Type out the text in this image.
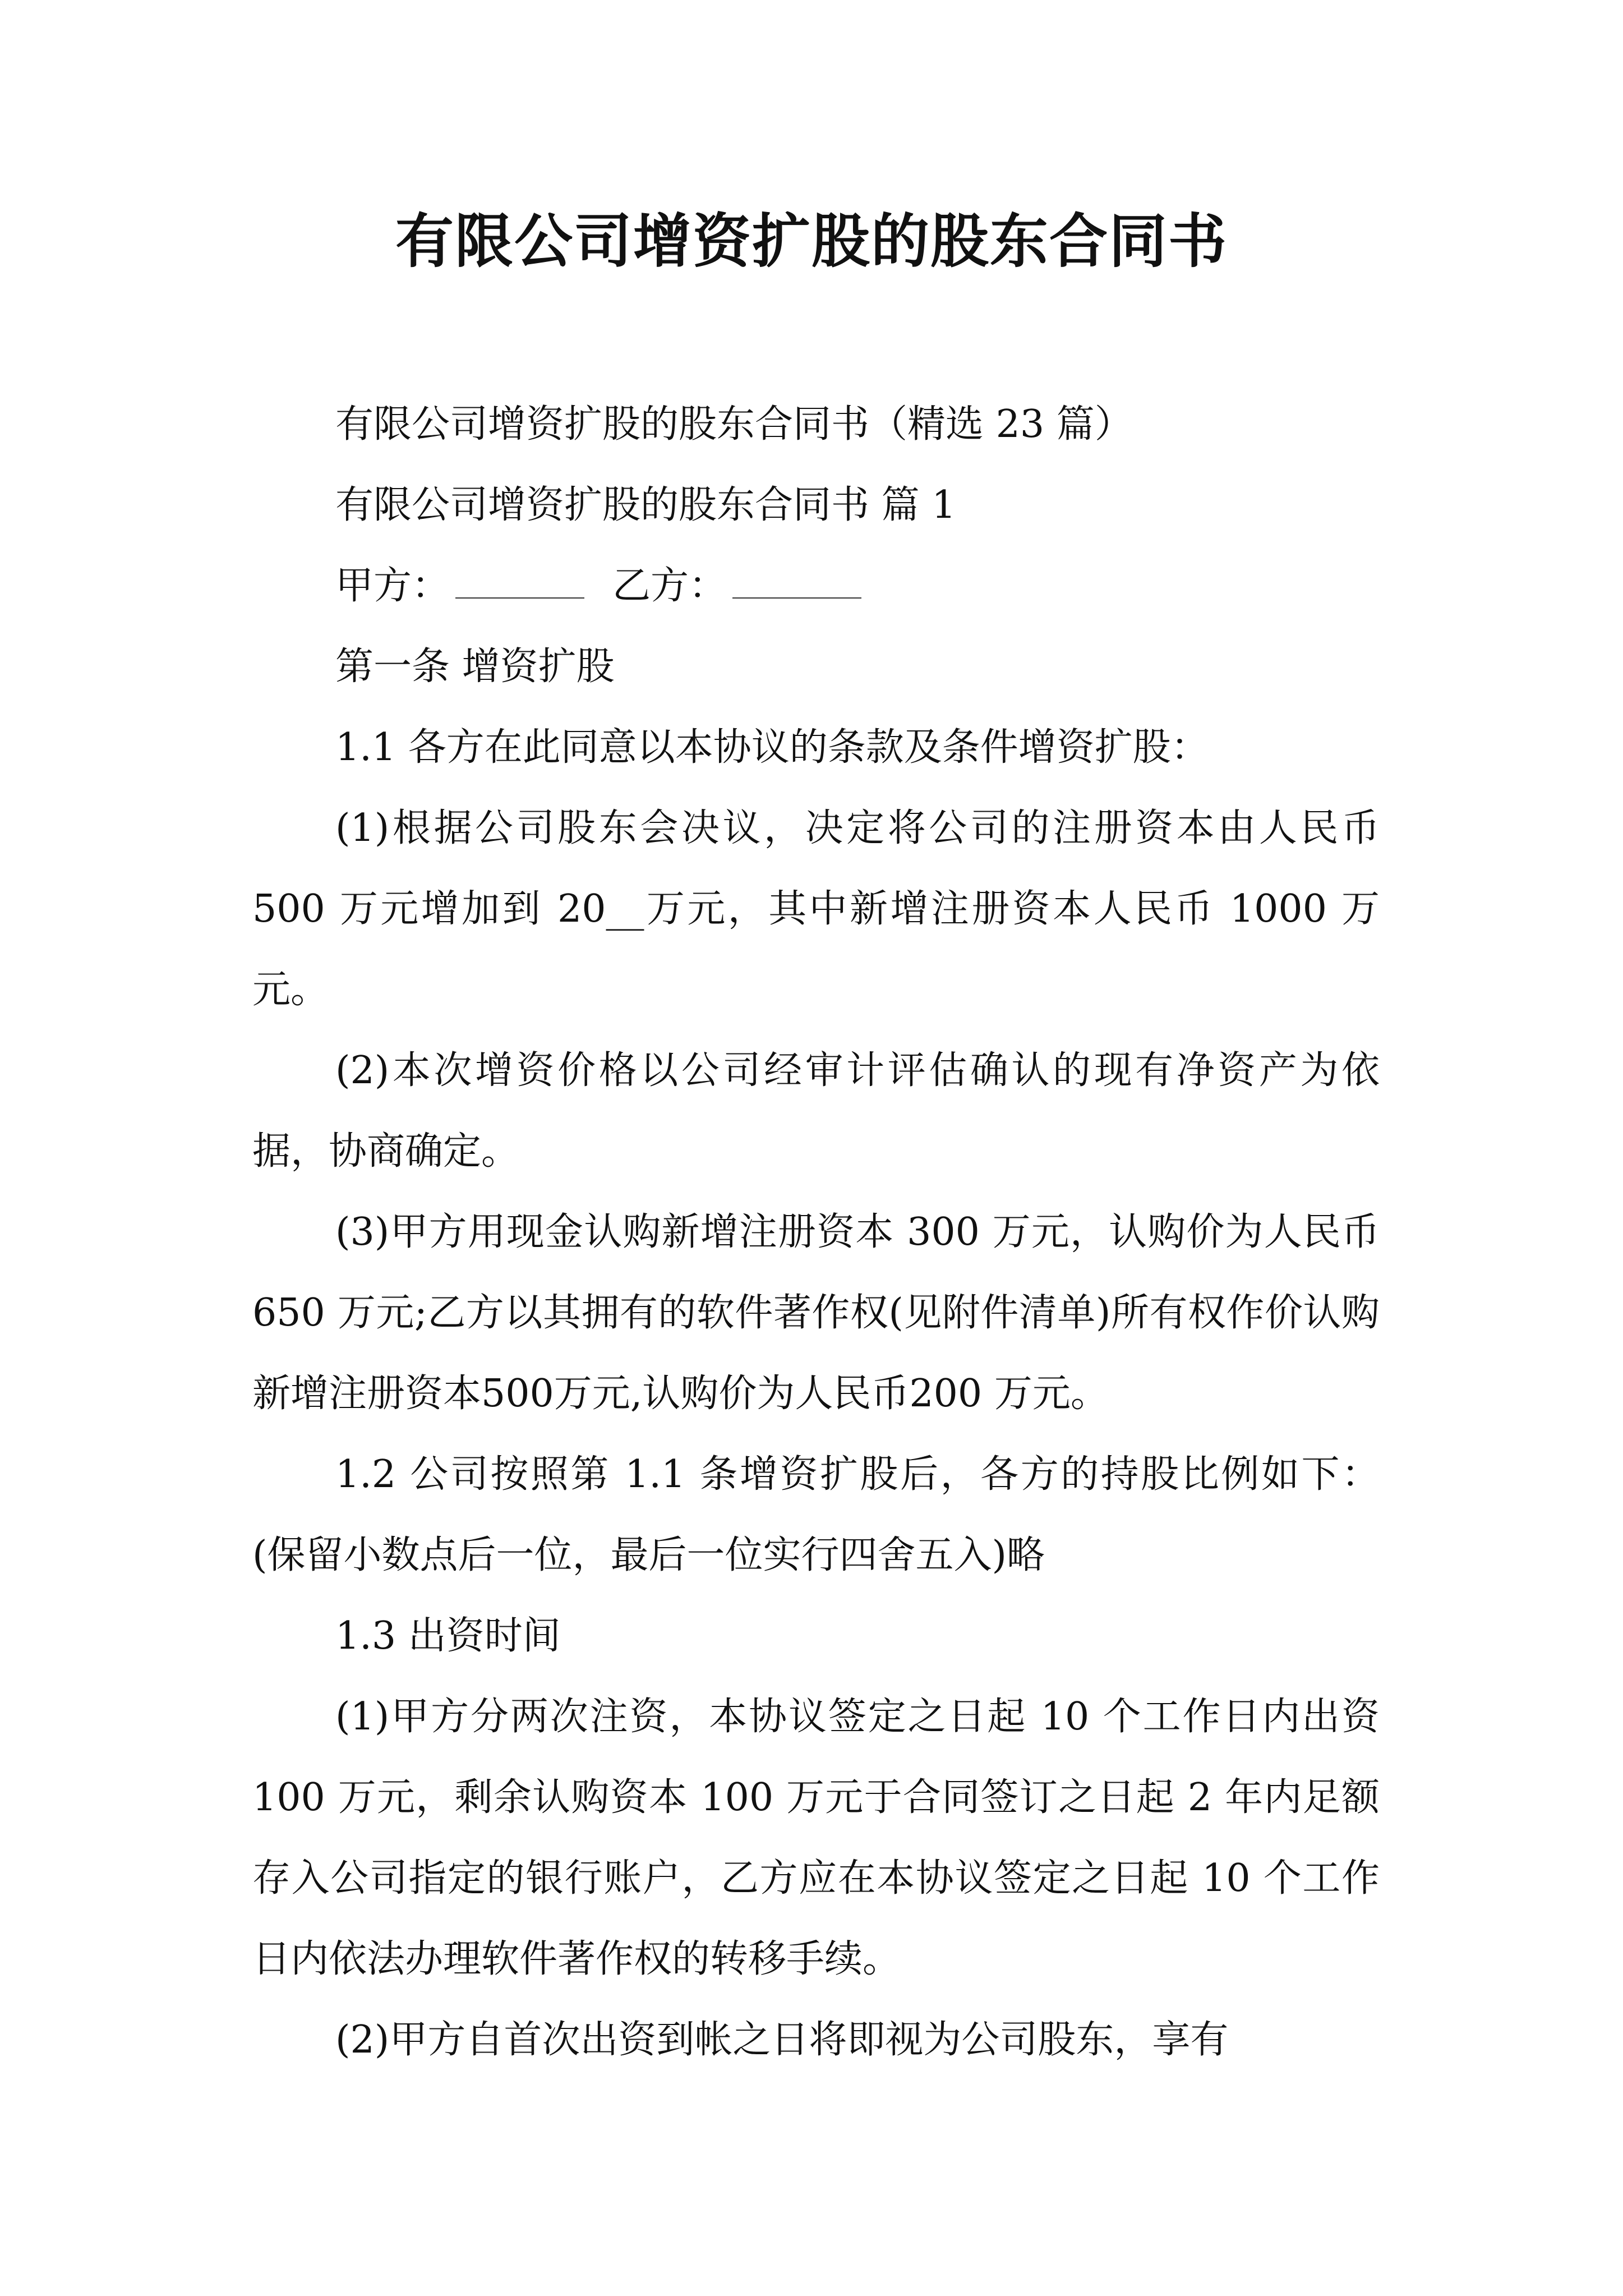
有限公司增资扩股的股东合同书

有限公司增资扩股的股东合同书（精选 23 篇）

有限公司增资扩股的股东合同书 篇 1

甲方：	乙方：

第一条 增资扩股

1.1 各方在此同意以本协议的条款及条件增资扩股：

(1)根据公司股东会决议，决定将公司的注册资本由人民币 500 万元增加到 20__万元，其中新增注册资本人民币 1000 万元。

(2)本次增资价格以公司经审计评估确认的现有净资产为依据，协商确定。

(3)甲方用现金认购新增注册资本 300 万元，认购价为人民币 650 万元;乙方以其拥有的软件著作权(见附件清单)所有权作价认购新增注册资本500万元,认购价为人民币200 万元。

1.2 公司按照第 1.1 条增资扩股后，各方的持股比例如下：(保留小数点后一位，最后一位实行四舍五入)略

1.3 出资时间

(1)甲方分两次注资，本协议签定之日起 10 个工作日内出资 100 万元，剩余认购资本 100 万元于合同签订之日起 2 年内足额存入公司指定的银行账户，乙方应在本协议签定之日起 10 个工作日内依法办理软件著作权的转移手续。

(2)甲方自首次出资到帐之日将即视为公司股东，享有
